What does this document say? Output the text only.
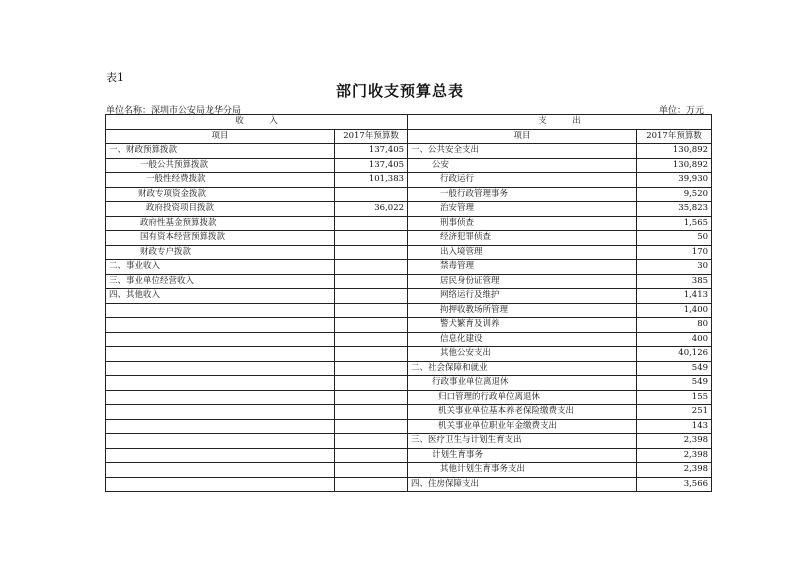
表1
部门收支预算总表
单位名称：深圳市公安局龙华分局	单位：万元
收　　　入		支　　　出	
项目	2017年预算数	项目	2017年预算数
一、财政预算拨款	137,405	一、公共安全支出	130,892
一般公共预算拨款	137,405	公安	130,892
一般性经费拨款	101,383	行政运行	39,930
财政专项资金拨款		一般行政管理事务	9,520
政府投资项目拨款	36,022	治安管理	35,823
政府性基金预算拨款		刑事侦查	1,565
国有资本经营预算拨款		经济犯罪侦查	50
财政专户拨款		出入境管理	170
二、事业收入		禁毒管理	30
三、事业单位经营收入		居民身份证管理	385
四、其他收入		网络运行及维护	1,413
		拘押收教场所管理	1,400
		警犬繁育及训养	80
		信息化建设	400
		其他公安支出	40,126
		二、社会保障和就业	549
		行政事业单位离退休	549
		归口管理的行政单位离退休	155
		机关事业单位基本养老保险缴费支出	251
		机关事业单位职业年金缴费支出	143
		三、医疗卫生与计划生育支出	2,398
		计划生育事务	2,398
		其他计划生育事务支出	2,398
		四、住房保障支出	3,566
